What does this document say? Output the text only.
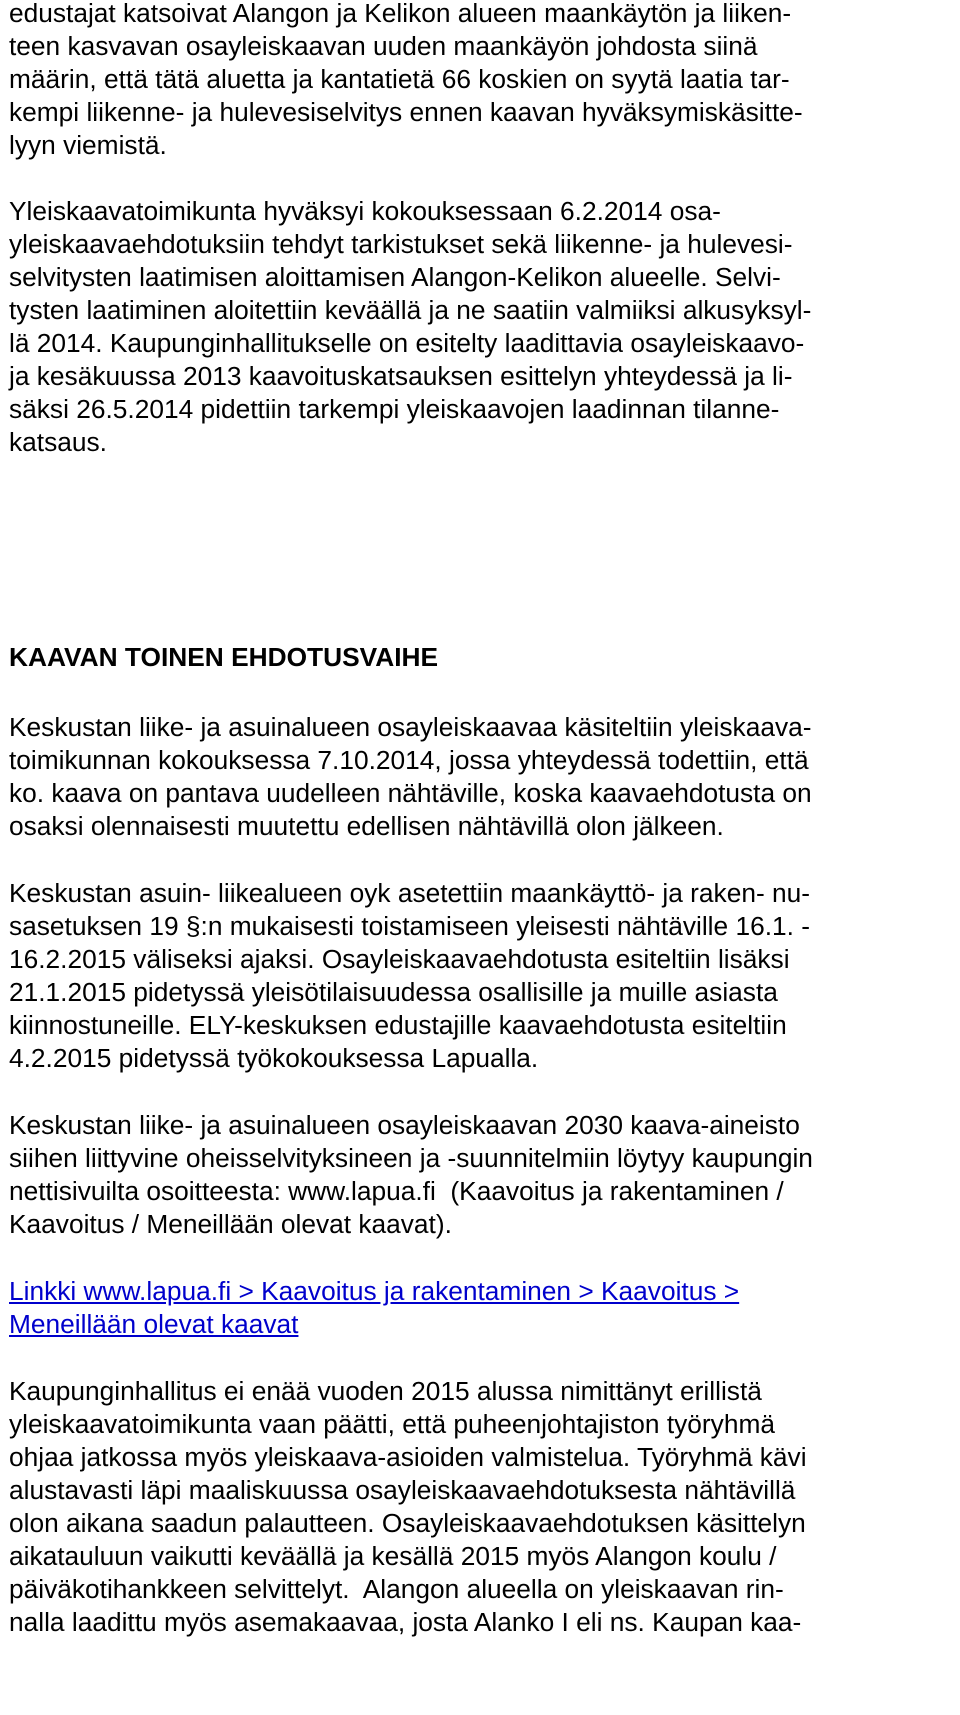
edustajat katsoivat Alangon ja Kelikon alueen maankäytön ja liiken-
teen kasvavan osayleiskaavan uuden maankäyön johdosta siinä
määrin, että tätä aluetta ja kantatietä 66 koskien on syytä laatia tar-
kempi liikenne- ja hulevesiselvitys ennen kaavan hyväksymiskäsitte-
lyyn viemistä.
Yleiskaavatoimikunta hyväksyi kokouksessaan 6.2.2014 osa-
yleiskaavaehdotuksiin tehdyt tarkistukset sekä liikenne- ja hulevesi-
selvitysten laatimisen aloittamisen Alangon-Kelikon alueelle. Selvi-
tysten laatiminen aloitettiin keväällä ja ne saatiin valmiiksi alkusyksyl-
lä 2014. Kaupunginhallitukselle on esitelty laadittavia osayleiskaavo-
ja kesäkuussa 2013 kaavoituskatsauksen esittelyn yhteydessä ja li-
säksi 26.5.2014 pidettiin tarkempi yleiskaavojen laadinnan tilanne-
katsaus.
KAAVAN TOINEN EHDOTUSVAIHE
Keskustan liike- ja asuinalueen osayleiskaavaa käsiteltiin yleiskaava-
toimikunnan kokouksessa 7.10.2014, jossa yhteydessä todettiin, että
ko. kaava on pantava uudelleen nähtäville, koska kaavaehdotusta on
osaksi olennaisesti muutettu edellisen nähtävillä olon jälkeen.
Keskustan asuin- liikealueen oyk asetettiin maankäyttö- ja raken- nu-
sasetuksen 19 §:n mukaisesti toistamiseen yleisesti nähtäville 16.1. -
16.2.2015 väliseksi ajaksi. Osayleiskaavaehdotusta esiteltiin lisäksi
21.1.2015 pidetyssä yleisötilaisuudessa osallisille ja muille asiasta
kiinnostuneille. ELY-keskuksen edustajille kaavaehdotusta esiteltiin
4.2.2015 pidetyssä työkokouksessa Lapualla.
Keskustan liike- ja asuinalueen osayleiskaavan 2030 kaava-aineisto
siihen liittyvine oheisselvityksineen ja -suunnitelmiin löytyy kaupungin
nettisivuilta osoitteesta: www.lapua.fi  (Kaavoitus ja rakentaminen /
Kaavoitus / Meneillään olevat kaavat).
Linkki www.lapua.fi > Kaavoitus ja rakentaminen > Kaavoitus >
Meneillään olevat kaavat
Kaupunginhallitus ei enää vuoden 2015 alussa nimittänyt erillistä
yleiskaavatoimikunta vaan päätti, että puheenjohtajiston työryhmä
ohjaa jatkossa myös yleiskaava-asioiden valmistelua. Työryhmä kävi
alustavasti läpi maaliskuussa osayleiskaavaehdotuksesta nähtävillä
olon aikana saadun palautteen. Osayleiskaavaehdotuksen käsittelyn
aikatauluun vaikutti keväällä ja kesällä 2015 myös Alangon koulu /
päiväkotihankkeen selvittelyt.  Alangon alueella on yleiskaavan rin-
nalla laadittu myös asemakaavaa, josta Alanko I eli ns. Kaupan kaa-
